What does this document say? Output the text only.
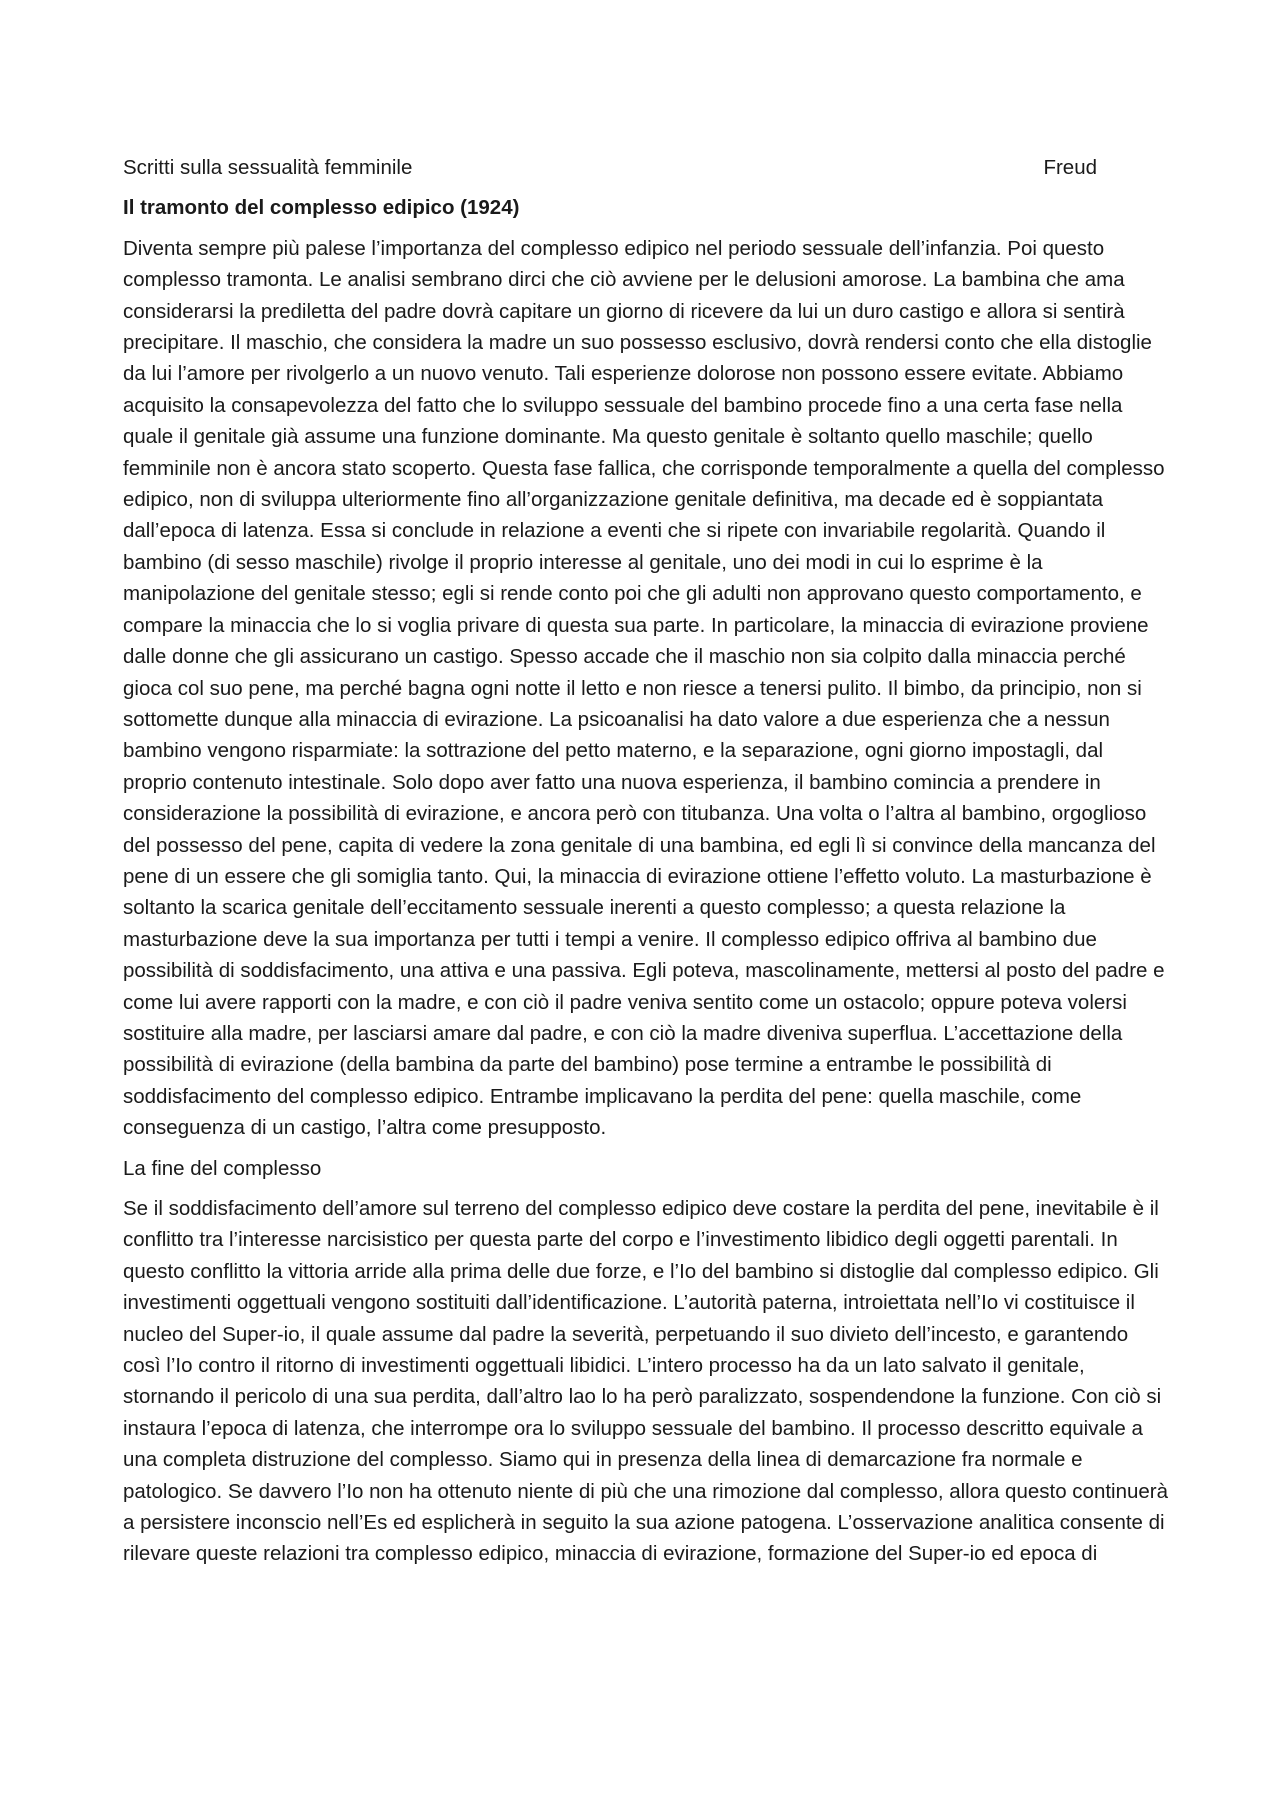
Scritti sulla sessualità femminile	Freud
Il tramonto del complesso edipico (1924)

Diventa sempre più palese l’importanza del complesso edipico nel periodo sessuale dell’infanzia. Poi questo complesso tramonta. Le analisi sembrano dirci che ciò avviene per le delusioni amorose. La bambina che ama considerarsi la prediletta del padre dovrà capitare un giorno di ricevere da lui un duro castigo e allora si sentirà precipitare. Il maschio, che considera la madre un suo possesso esclusivo, dovrà rendersi conto che ella distoglie da lui l’amore per rivolgerlo a un nuovo venuto. Tali esperienze dolorose non possono essere evitate. Abbiamo acquisito la consapevolezza del fatto che lo sviluppo sessuale del bambino procede fino a una certa fase nella quale il genitale già assume una funzione dominante. Ma questo genitale è soltanto quello maschile; quello femminile non è ancora stato scoperto. Questa fase fallica, che corrisponde temporalmente a quella del complesso edipico, non di sviluppa ulteriormente fino all’organizzazione genitale definitiva, ma decade ed è soppiantata dall’epoca di latenza. Essa si conclude in relazione a eventi che si ripete con invariabile regolarità. Quando il bambino (di sesso maschile) rivolge il proprio interesse al genitale, uno dei modi in cui lo esprime è la manipolazione del genitale stesso; egli si rende conto poi che gli adulti non approvano questo comportamento, e compare la minaccia che lo si voglia privare di questa sua parte. In particolare, la minaccia di evirazione proviene dalle donne che gli assicurano un castigo. Spesso accade che il maschio non sia colpito dalla minaccia perché gioca col suo pene, ma perché bagna ogni notte il letto e non riesce a tenersi pulito. Il bimbo, da principio, non si sottomette dunque alla minaccia di evirazione. La psicoanalisi ha dato valore a due esperienza che a nessun bambino vengono risparmiate: la sottrazione del petto materno, e la separazione, ogni giorno impostagli, dal proprio contenuto intestinale. Solo dopo aver fatto una nuova esperienza, il bambino comincia a prendere in considerazione la possibilità di evirazione, e ancora però con titubanza. Una volta o l’altra al bambino, orgoglioso del possesso del pene, capita di vedere la zona genitale di una bambina, ed egli lì si convince della mancanza del pene di un essere che gli somiglia tanto. Qui, la minaccia di evirazione ottiene l’effetto voluto. La masturbazione è soltanto la scarica genitale dell’eccitamento sessuale inerenti a questo complesso; a questa relazione la masturbazione deve la sua importanza per tutti i tempi a venire. Il complesso edipico offriva al bambino due possibilità di soddisfacimento, una attiva e una passiva. Egli poteva, mascolinamente, mettersi al posto del padre e come lui avere rapporti con la madre, e con ciò il padre veniva sentito come un ostacolo; oppure poteva volersi sostituire alla madre, per lasciarsi amare dal padre, e con ciò la madre diveniva superflua. L’accettazione della possibilità di evirazione (della bambina da parte del bambino) pose termine a entrambe le possibilità di soddisfacimento del complesso edipico. Entrambe implicavano la perdita del pene: quella maschile, come conseguenza di un castigo, l’altra come presupposto.

La fine del complesso

Se il soddisfacimento dell’amore sul terreno del complesso edipico deve costare la perdita del pene, inevitabile è il conflitto tra l’interesse narcisistico per questa parte del corpo e l’investimento libidico degli oggetti parentali. In questo conflitto la vittoria arride alla prima delle due forze, e l’Io del bambino si distoglie dal complesso edipico. Gli investimenti oggettuali vengono sostituiti dall’identificazione. L’autorità paterna, introiettata nell’Io vi costituisce il nucleo del Super-io, il quale assume dal padre la severità, perpetuando il suo divieto dell’incesto, e garantendo così l’Io contro il ritorno di investimenti oggettuali libidici. L’intero processo ha da un lato salvato il genitale, stornando il pericolo di una sua perdita, dall’altro lao lo ha però paralizzato, sospendendone la funzione. Con ciò si instaura l’epoca di latenza, che interrompe ora lo sviluppo sessuale del bambino. Il processo descritto equivale a una completa distruzione del complesso. Siamo qui in presenza della linea di demarcazione fra normale e patologico. Se davvero l’Io non ha ottenuto niente di più che una rimozione dal complesso, allora questo continuerà a persistere inconscio nell’Es ed esplicherà in seguito la sua azione patogena. L’osservazione analitica consente di rilevare queste relazioni tra complesso edipico, minaccia di evirazione, formazione del Super-io ed epoca di
